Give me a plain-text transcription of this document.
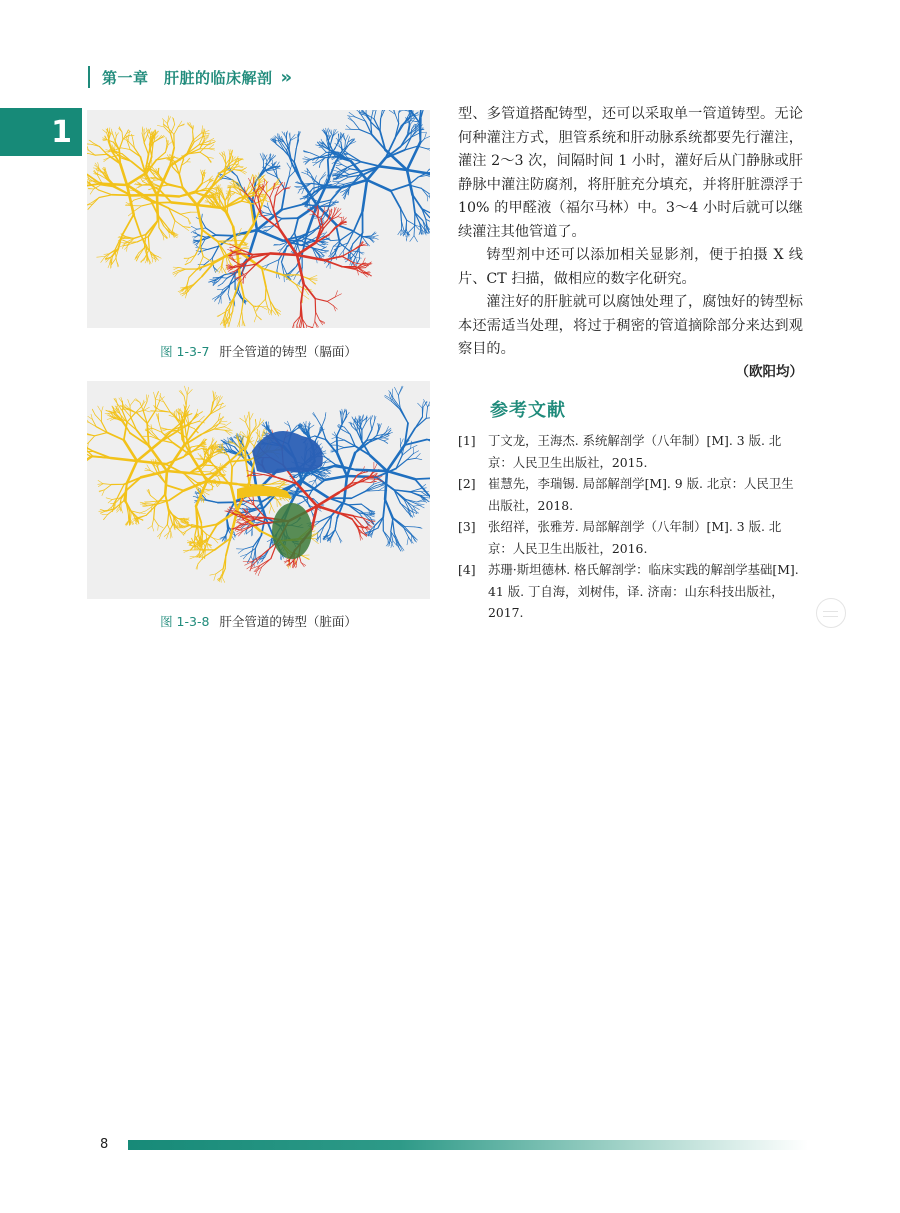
第一章　肝脏的临床解剖 »
1
图 1-3-7 肝全管道的铸型（膈面）
图 1-3-8 肝全管道的铸型（脏面）

型、多管道搭配铸型，还可以采取单一管道铸型。无论何种灌注方式，胆管系统和肝动脉系统都要先行灌注，灌注 2～3 次，间隔时间 1 小时，灌好后从门静脉或肝静脉中灌注防腐剂，将肝脏充分填充，并将肝脏漂浮于 10% 的甲醛液（福尔马林）中。3～4 小时后就可以继续灌注其他管道了。

铸型剂中还可以添加相关显影剂，便于拍摄 X 线片、CT 扫描，做相应的数字化研究。

灌注好的肝脏就可以腐蚀处理了，腐蚀好的铸型标本还需适当处理，将过于稠密的管道摘除部分来达到观察目的。

（欧阳均）
参考文献
[1]	丁文龙，王海杰. 系统解剖学（八年制）[M]. 3 版. 北京：人民卫生出版社，2015.
[2]	崔慧先，李瑞锡. 局部解剖学[M]. 9 版. 北京：人民卫生出版社，2018.
[3]	张绍祥，张雅芳. 局部解剖学（八年制）[M]. 3 版. 北京：人民卫生出版社，2016.
[4]	苏珊·斯坦德林. 格氏解剖学：临床实践的解剖学基础[M]. 41 版. 丁自海，刘树伟，译. 济南：山东科技出版社，2017.
8
